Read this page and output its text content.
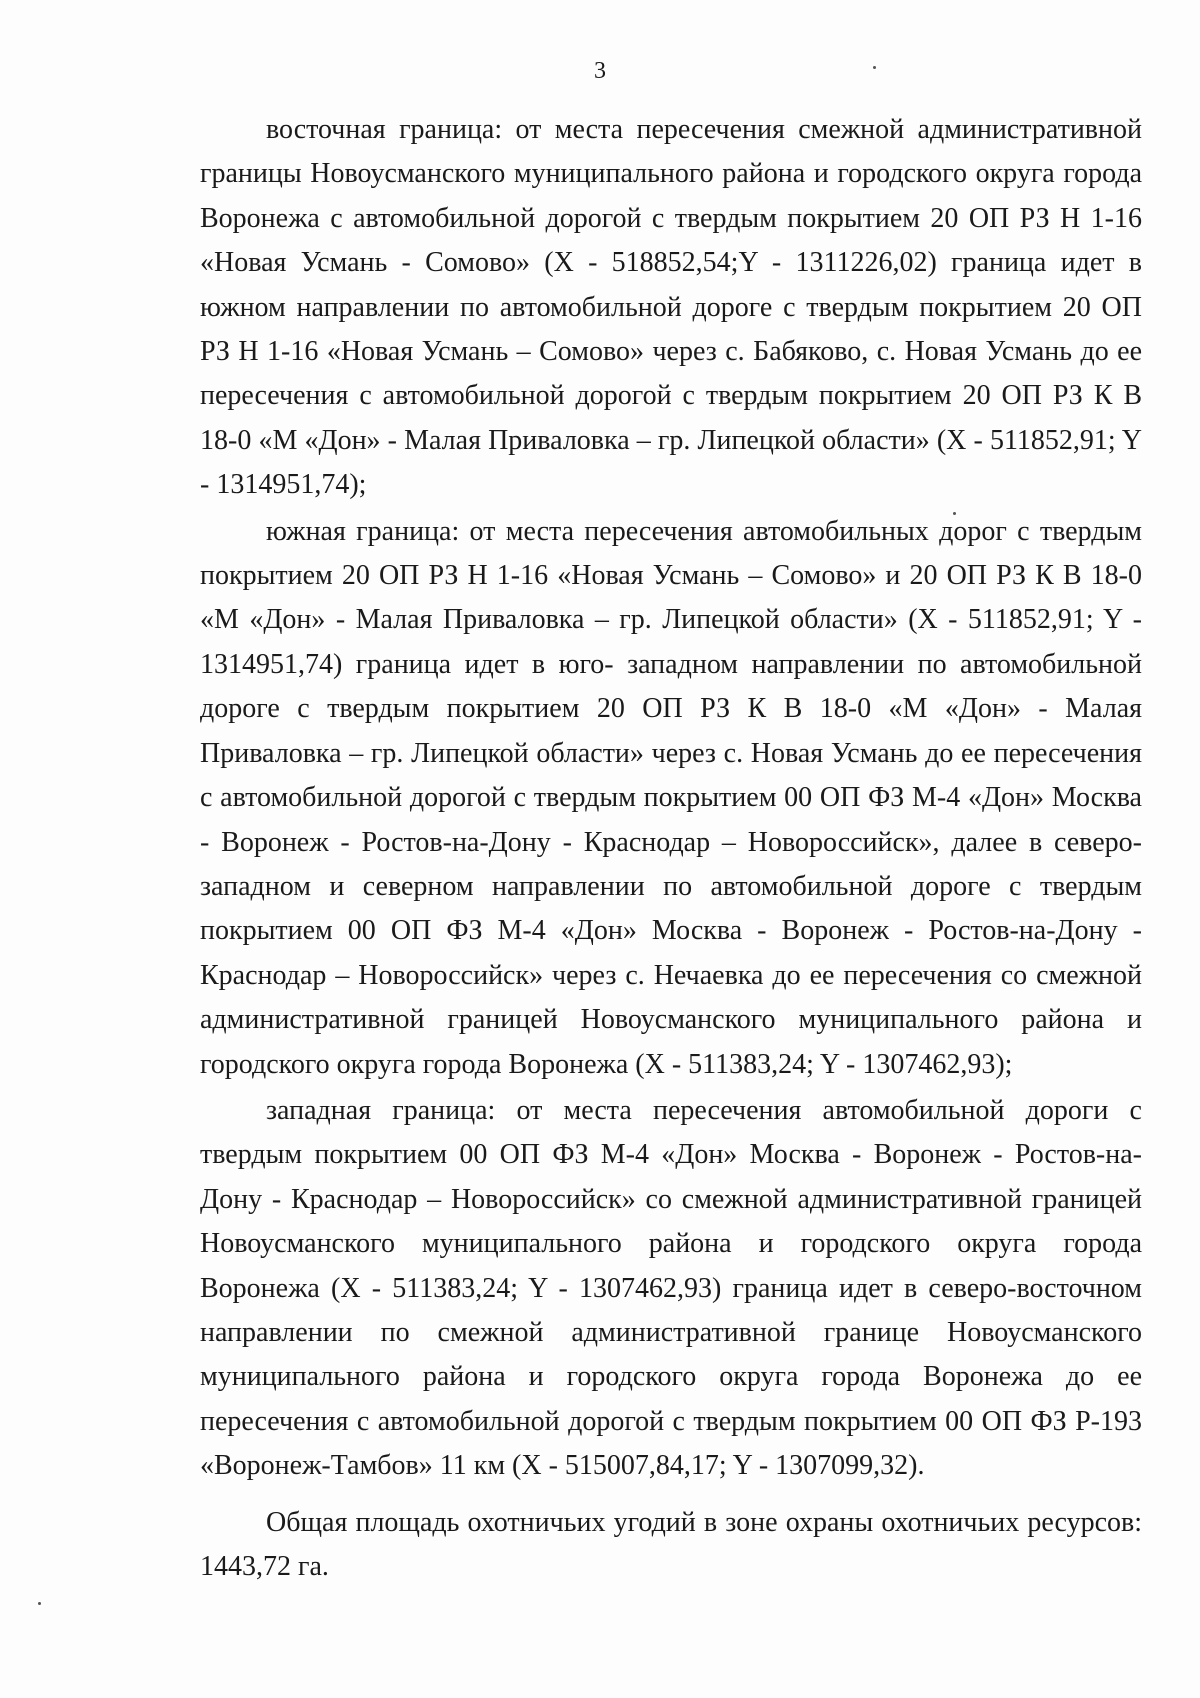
3

восточная граница: от места пересечения смежной административной границы Новоусманского муниципального района и городского округа города Воронежа с автомобильной дорогой с твердым покрытием 20 ОП РЗ Н 1-16 «Новая Усмань - Сомово» (X - 518852,54;Y - 1311226,02) граница идет в южном направлении по автомобильной дороге с твердым покрытием 20 ОП РЗ Н 1-16 «Новая Усмань – Сомово» через с. Бабяково, с. Новая Усмань до ее пересечения с автомобильной дорогой с твердым покрытием 20 ОП РЗ К В 18-0 «М «Дон» - Малая Приваловка – гр. Липецкой области» (X - 511852,91; Y - 1314951,74);

южная граница: от места пересечения автомобильных дорог с твердым покрытием 20 ОП РЗ Н 1-16 «Новая Усмань – Сомово» и 20 ОП РЗ К В 18-0 «М «Дон» - Малая Приваловка – гр. Липецкой области» (X - 511852,91; Y - 1314951,74) граница идет в юго- западном направлении по автомобильной дороге с твердым покрытием 20 ОП РЗ К В 18-0 «М «Дон» - Малая Приваловка – гр. Липецкой области» через с. Новая Усмань до ее пересечения с автомобильной дорогой с твердым покрытием 00 ОП ФЗ М-4 «Дон» Москва - Воронеж - Ростов-на-Дону - Краснодар – Новороссийск», далее в северо-западном и северном направлении по автомобильной дороге с твердым покрытием 00 ОП ФЗ М-4 «Дон» Москва - Воронеж - Ростов-на-Дону - Краснодар – Новороссийск» через с. Нечаевка до ее пересечения со смежной административной границей Новоусманского муниципального района и городского округа города Воронежа (X - 511383,24; Y - 1307462,93);

западная граница: от места пересечения автомобильной дороги с твердым покрытием 00 ОП ФЗ М-4 «Дон» Москва - Воронеж - Ростов-на-Дону - Краснодар – Новороссийск» со смежной административной границей Новоусманского муниципального района и городского округа города Воронежа (X - 511383,24; Y - 1307462,93) граница идет в северо-восточном направлении по смежной административной границе Новоусманского муниципального района и городского округа города Воронежа до ее пересечения с автомобильной дорогой с твердым покрытием 00 ОП ФЗ Р-193 «Воронеж-Тамбов» 11 км (X - 515007,84,17; Y - 1307099,32).

Общая площадь охотничьих угодий в зоне охраны охотничьих ресурсов: 1443,72 га.
